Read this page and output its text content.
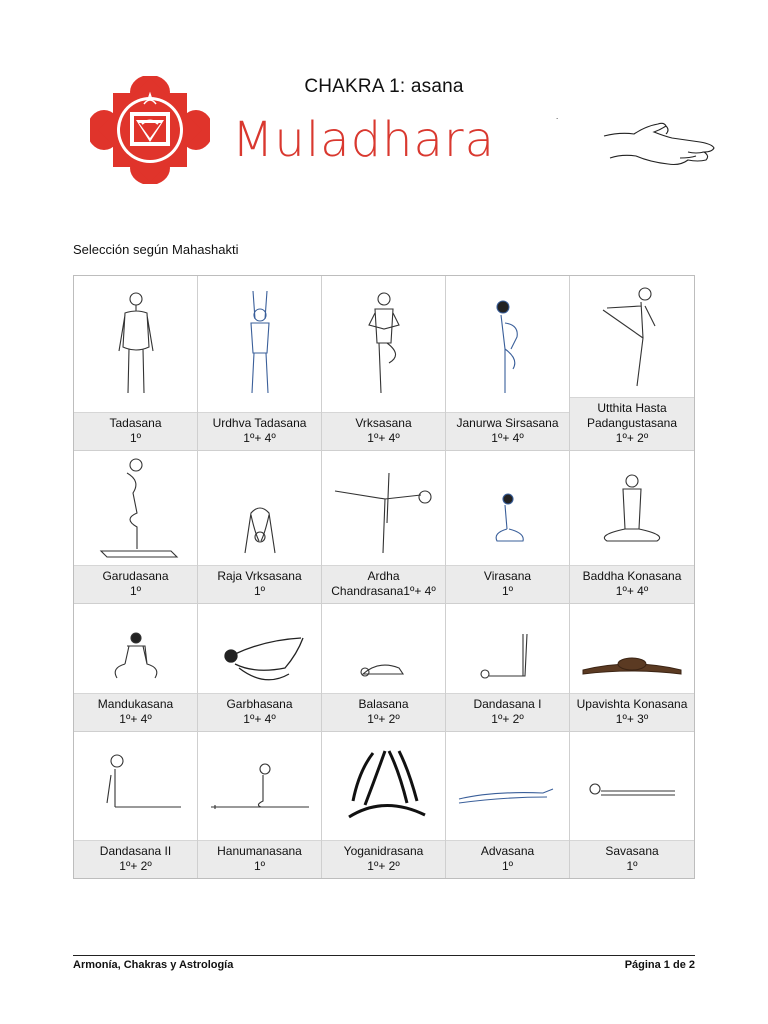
CHAKRA 1: asana
Muladhara	.
Selección según Mahashakti
Tadasana
1º
Urdhva Tadasana
1º+ 4º
Vrksasana
1º+ 4º
Janurwa Sirsasana
1º+ 4º
Utthita Hasta Padangustasana
1º+ 2º
Garudasana
1º
Raja Vrksasana
1º
Ardha Chandrasana1º+ 4º
Virasana
1º
Baddha Konasana
1º+ 4º
Mandukasana
1º+ 4º
Garbhasana
1º+ 4º
Balasana
1º+ 2º
Dandasana I
1º+ 2º
Upavishta Konasana 1º+ 3º
Dandasana II
1º+ 2º
Hanumanasana
1º
Yoganidrasana
1º+ 2º
Advasana
1º
Savasana
1º
Armonía, Chakras y Astrología	Página 1 de 2
